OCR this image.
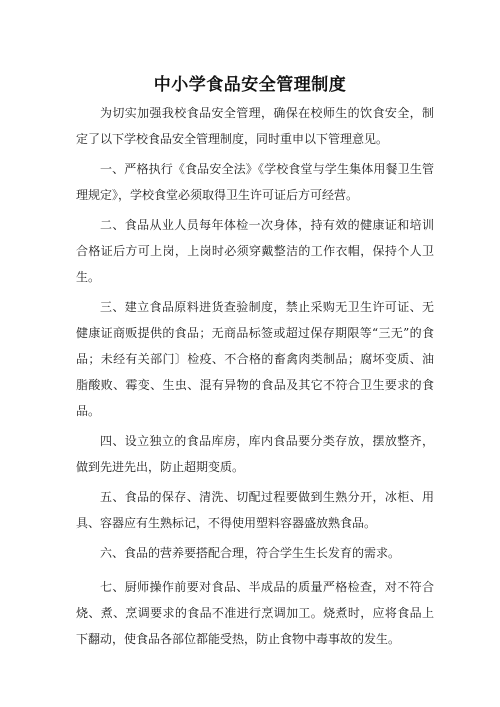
中小学食品安全管理制度

为切实加强我校食品安全管理，确保在校师生的饮食安全，制定了以下学校食品安全管理制度，同时重申以下管理意见。

一、严格执行《食品安全法》《学校食堂与学生集体用餐卫生管理规定》，学校食堂必须取得卫生许可证后方可经营。

二、食品从业人员每年体检一次身体，持有效的健康证和培训合格证后方可上岗，上岗时必须穿戴整洁的工作衣帽，保持个人卫生。

三、建立食品原料进货查验制度，禁止采购无卫生许可证、无健康证商贩提供的食品；无商品标签或超过保存期限等“三无”的食品；未经有关部门〕检疫、不合格的畜禽肉类制品；腐坏变质、油脂酸败、霉变、生虫、混有异物的食品及其它不符合卫生要求的食品。

四、设立独立的食品库房，库内食品要分类存放，摆放整齐，做到先进先出，防止超期变质。

五、食品的保存、清洗、切配过程要做到生熟分开，冰柜、用具、容器应有生熟标记，不得使用塑料容器盛放熟食品。

六、食品的营养要搭配合理，符合学生生长发育的需求。

七、厨师操作前要对食品、半成品的质量严格检查，对不符合烧、煮、烹调要求的食品不准进行烹调加工。烧煮时，应将食品上下翻动，使食品各部位都能受热，防止食物中毒事故的发生。
